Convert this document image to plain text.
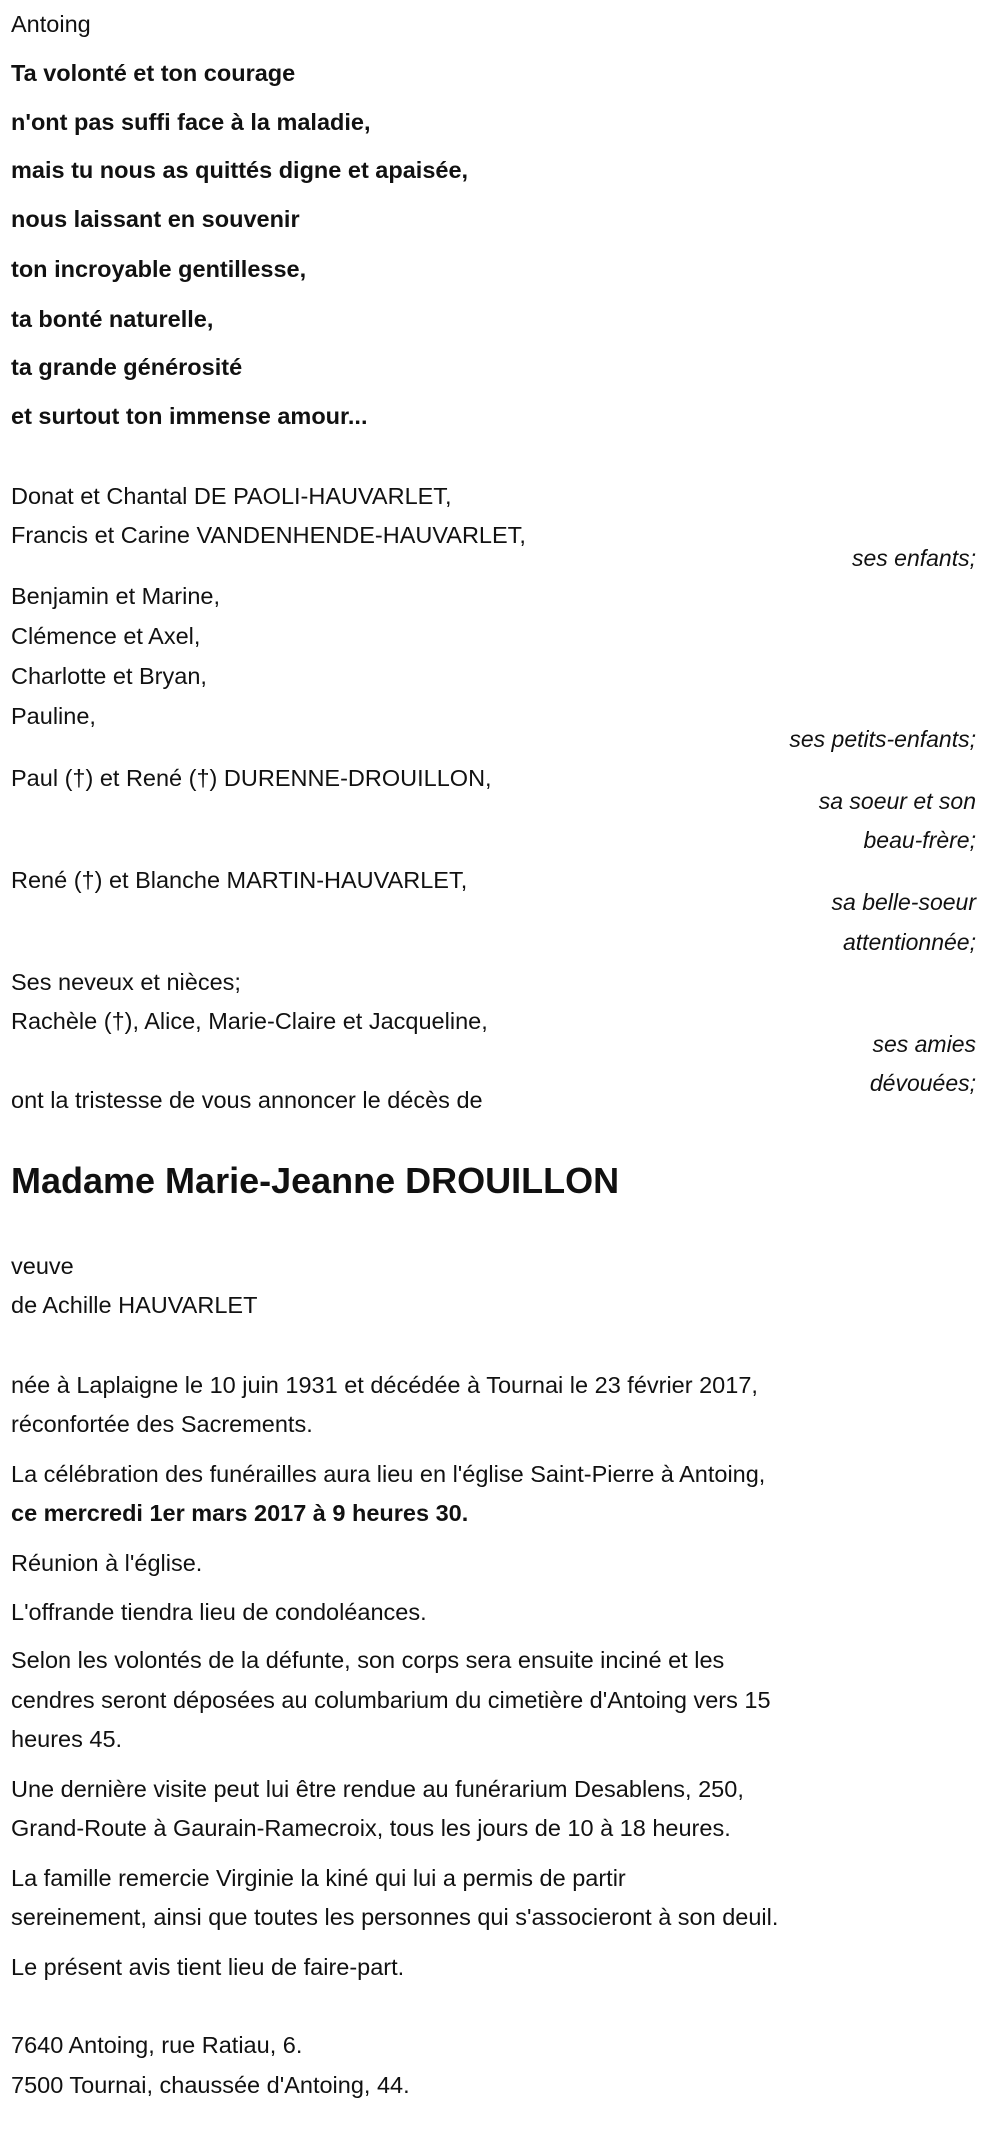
Antoing
Ta volonté et ton courage
n'ont pas suffi face à la maladie,
mais tu nous as quittés digne et apaisée,
nous laissant en souvenir
ton incroyable gentillesse,
ta bonté naturelle,
ta grande générosité
et surtout ton immense amour...
Donat et Chantal DE PAOLI-HAUVARLET,
Francis et Carine VANDENHENDE-HAUVARLET,
ses enfants;
Benjamin et Marine,
Clémence et Axel,
Charlotte et Bryan,
Pauline,
ses petits-enfants;
Paul (†) et René (†) DURENNE-DROUILLON,
sa soeur et son
beau-frère;
René (†) et Blanche MARTIN-HAUVARLET,
sa belle-soeur
attentionnée;
Ses neveux et nièces;
Rachèle (†), Alice, Marie-Claire et Jacqueline,
ses amies
dévouées;
ont la tristesse de vous annoncer le décès de
Madame Marie-Jeanne DROUILLON
veuve
de Achille HAUVARLET
née à Laplaigne le 10 juin 1931 et décédée à Tournai le 23 février 2017,
réconfortée des Sacrements.
La célébration des funérailles aura lieu en l'église Saint-Pierre à Antoing,
ce mercredi 1er mars 2017 à 9 heures 30.
Réunion à l'église.
L'offrande tiendra lieu de condoléances.
Selon les volontés de la défunte, son corps sera ensuite inciné et les
cendres seront déposées au columbarium du cimetière d'Antoing vers 15
heures 45.
Une dernière visite peut lui être rendue au funérarium Desablens, 250,
Grand-Route à Gaurain-Ramecroix, tous les jours de 10 à 18 heures.
La famille remercie Virginie la kiné qui lui a permis de partir
sereinement, ainsi que toutes les personnes qui s'associeront à son deuil.
Le présent avis tient lieu de faire-part.
7640 Antoing, rue Ratiau, 6.
7500 Tournai, chaussée d'Antoing, 44.
